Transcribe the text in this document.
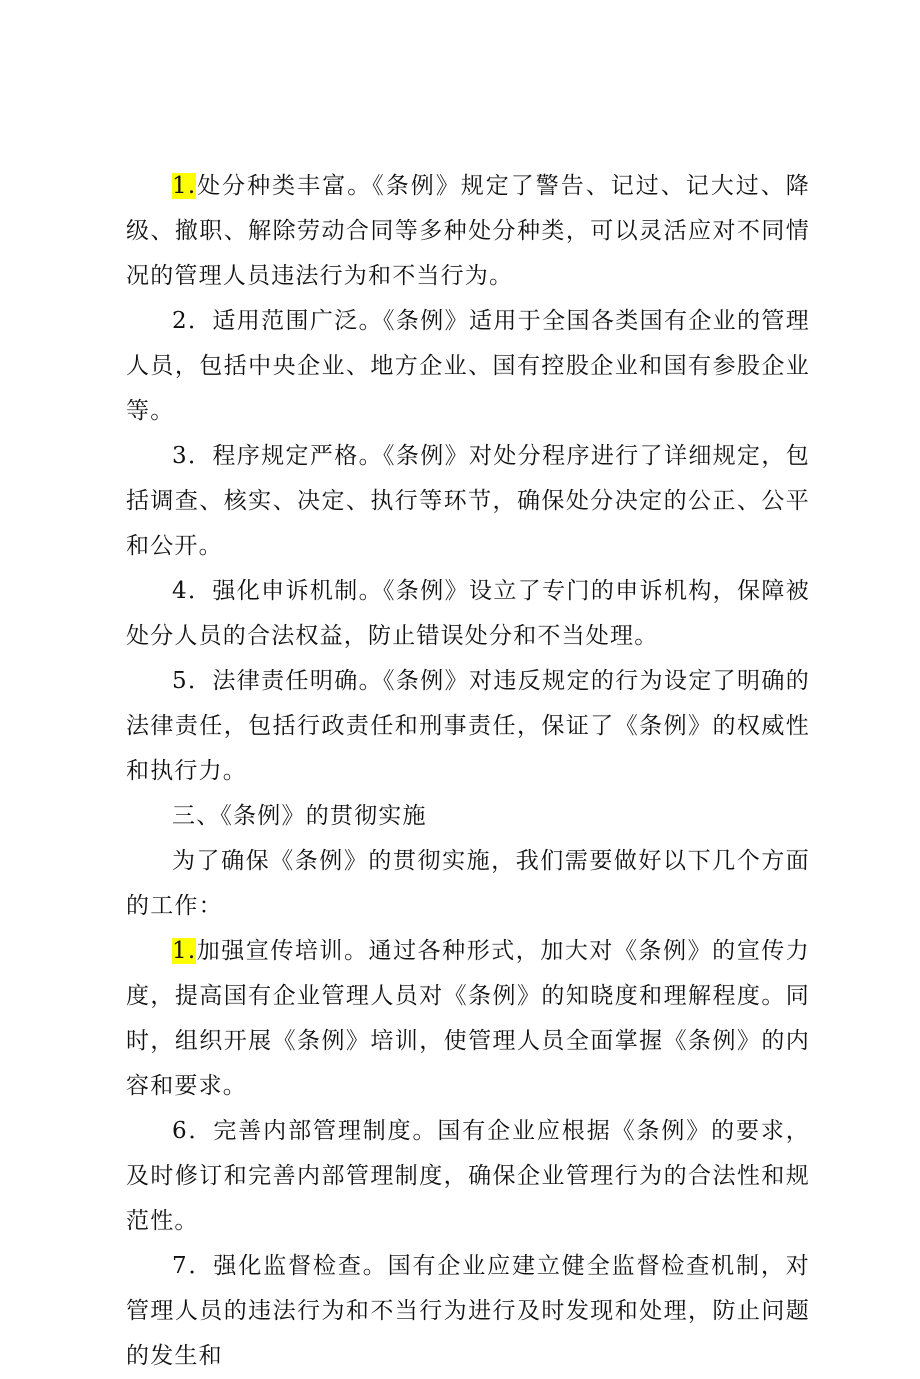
1.处分种类丰富。《条例》规定了警告、记过、记大过、降级、撤职、解除劳动合同等多种处分种类，可以灵活应对不同情况的管理人员违法行为和不当行为。

2．适用范围广泛。《条例》适用于全国各类国有企业的管理人员，包括中央企业、地方企业、国有控股企业和国有参股企业等。

3．程序规定严格。《条例》对处分程序进行了详细规定，包括调查、核实、决定、执行等环节，确保处分决定的公正、公平和公开。

4．强化申诉机制。《条例》设立了专门的申诉机构，保障被处分人员的合法权益，防止错误处分和不当处理。

5．法律责任明确。《条例》对违反规定的行为设定了明确的法律责任，包括行政责任和刑事责任，保证了《条例》的权威性和执行力。

三、《条例》的贯彻实施

为了确保《条例》的贯彻实施，我们需要做好以下几个方面的工作：

1.加强宣传培训。通过各种形式，加大对《条例》的宣传力度，提高国有企业管理人员对《条例》的知晓度和理解程度。同时，组织开展《条例》培训，使管理人员全面掌握《条例》的内容和要求。

6．完善内部管理制度。国有企业应根据《条例》的要求，及时修订和完善内部管理制度，确保企业管理行为的合法性和规范性。

7．强化监督检查。国有企业应建立健全监督检查机制，对管理人员的违法行为和不当行为进行及时发现和处理，防止问题的发生和
